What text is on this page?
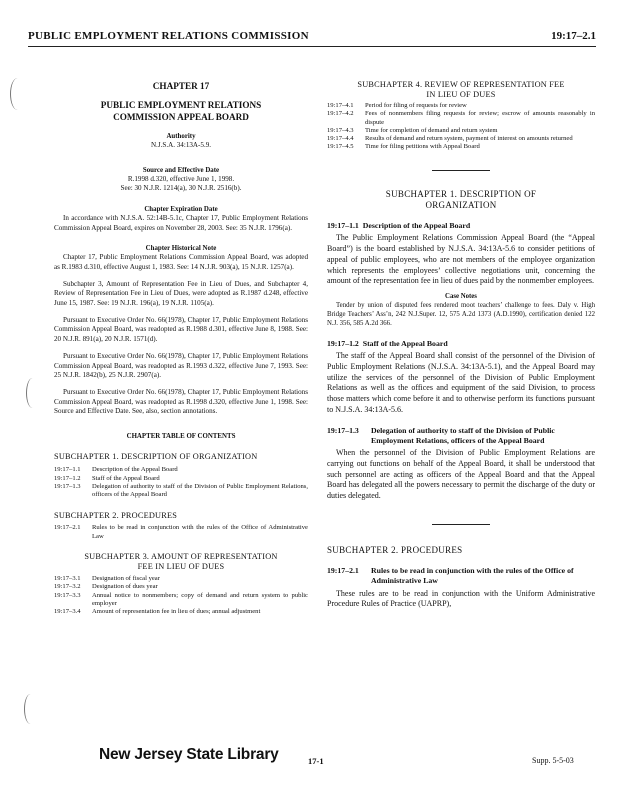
PUBLIC EMPLOYMENT RELATIONS COMMISSION	19:17–2.1
CHAPTER 17
PUBLIC EMPLOYMENT RELATIONS
COMMISSION APPEAL BOARD
Authority

N.J.S.A. 34:13A-5.9.

Source and Effective Date

R.1998 d.320, effective June 1, 1998.

See: 30 N.J.R. 1214(a), 30 N.J.R. 2516(b).

Chapter Expiration Date

In accordance with N.J.S.A. 52:14B-5.1c, Chapter 17, Public Employment Relations Commission Appeal Board, expires on November 28, 2003. See: 35 N.J.R. 1796(a).

Chapter Historical Note

Chapter 17, Public Employment Relations Commission Appeal Board, was adopted as R.1983 d.310, effective August 1, 1983. See: 14 N.J.R. 903(a), 15 N.J.R. 1257(a).

Subchapter 3, Amount of Representation Fee in Lieu of Dues, and Subchapter 4, Review of Representation Fee in Lieu of Dues, were adopted as R.1987 d.248, effective June 15, 1987. See: 19 N.J.R. 196(a), 19 N.J.R. 1105(a).

Pursuant to Executive Order No. 66(1978), Chapter 17, Public Employment Relations Commission Appeal Board, was readopted as R.1988 d.301, effective June 8, 1988. See: 20 N.J.R. 891(a), 20 N.J.R. 1571(d).

Pursuant to Executive Order No. 66(1978), Chapter 17, Public Employment Relations Commission Appeal Board, was readopted as R.1993 d.322, effective June 7, 1993. See: 25 N.J.R. 1842(b), 25 N.J.R. 2907(a).

Pursuant to Executive Order No. 66(1978), Chapter 17, Public Employment Relations Commission Appeal Board, was readopted as R.1998 d.320, effective June 1, 1998. See: Source and Effective Date. See, also, section annotations.

CHAPTER TABLE OF CONTENTS
SUBCHAPTER 1. DESCRIPTION OF ORGANIZATION
19:17–1.1	Description of the Appeal Board
19:17–1.2	Staff of the Appeal Board
19:17–1.3	Delegation of authority to staff of the Division of Public Employment Relations, officers of the Appeal Board
SUBCHAPTER 2. PROCEDURES
19:17–2.1	Rules to be read in conjunction with the rules of the Office of Administrative Law
SUBCHAPTER 3. AMOUNT OF REPRESENTATION
FEE IN LIEU OF DUES
19:17–3.1	Designation of fiscal year
19:17–3.2	Designation of dues year
19:17–3.3	Annual notice to nonmembers; copy of demand and return system to public employer
19:17–3.4	Amount of representation fee in lieu of dues; annual adjustment
SUBCHAPTER 4. REVIEW OF REPRESENTATION FEE
IN LIEU OF DUES
19:17–4.1	Period for filing of requests for review
19:17–4.2	Fees of nonmembers filing requests for review; escrow of amounts reasonably in dispute
19:17–4.3	Time for completion of demand and return system
19:17–4.4	Results of demand and return system, payment of interest on amounts returned
19:17–4.5	Time for filing petitions with Appeal Board
SUBCHAPTER 1. DESCRIPTION OF
ORGANIZATION
19:17–1.1 Description of the Appeal Board

The Public Employment Relations Commission Appeal Board (the “Appeal Board”) is the board established by N.J.S.A. 34:13A-5.6 to consider petitions of appeal of public employees, who are not members of the employee organization which represents the employees’ collective negotiations unit, concerning the amount of the representation fee in lieu of dues paid by the nonmember employees.

Case Notes

Tender by union of disputed fees rendered moot teachers’ challenge to fees. Daly v. High Bridge Teachers’ Ass’n, 242 N.J.Super. 12, 575 A.2d 1373 (A.D.1990), certification denied 122 N.J. 356, 585 A.2d 366.

19:17–1.2 Staff of the Appeal Board

The staff of the Appeal Board shall consist of the personnel of the Division of Public Employment Relations (N.J.S.A. 34:13A-5.1), and the Appeal Board may utilize the services of the personnel of the Division of Public Employment Relations as well as the offices and equipment of the said Division, to process those matters which come before it and to otherwise perform its functions pursuant to N.J.S.A. 34:13A-5.6.

19:17–1.3	Delegation of authority to staff of the Division of Public Employment Relations, officers of the Appeal Board

When the personnel of the Division of Public Employment Relations are carrying out functions on behalf of the Appeal Board, it shall be understood that such personnel are acting as officers of the Appeal Board and that the Appeal Board has delegated all the powers necessary to permit the discharge of the duty or duties delegated.

SUBCHAPTER 2. PROCEDURES
19:17–2.1	Rules to be read in conjunction with the rules of the Office of Administrative Law

These rules are to be read in conjunction with the Uniform Administrative Procedure Rules of Practice (UAPRP),

New Jersey State Library	17-1	Supp. 5-5-03
